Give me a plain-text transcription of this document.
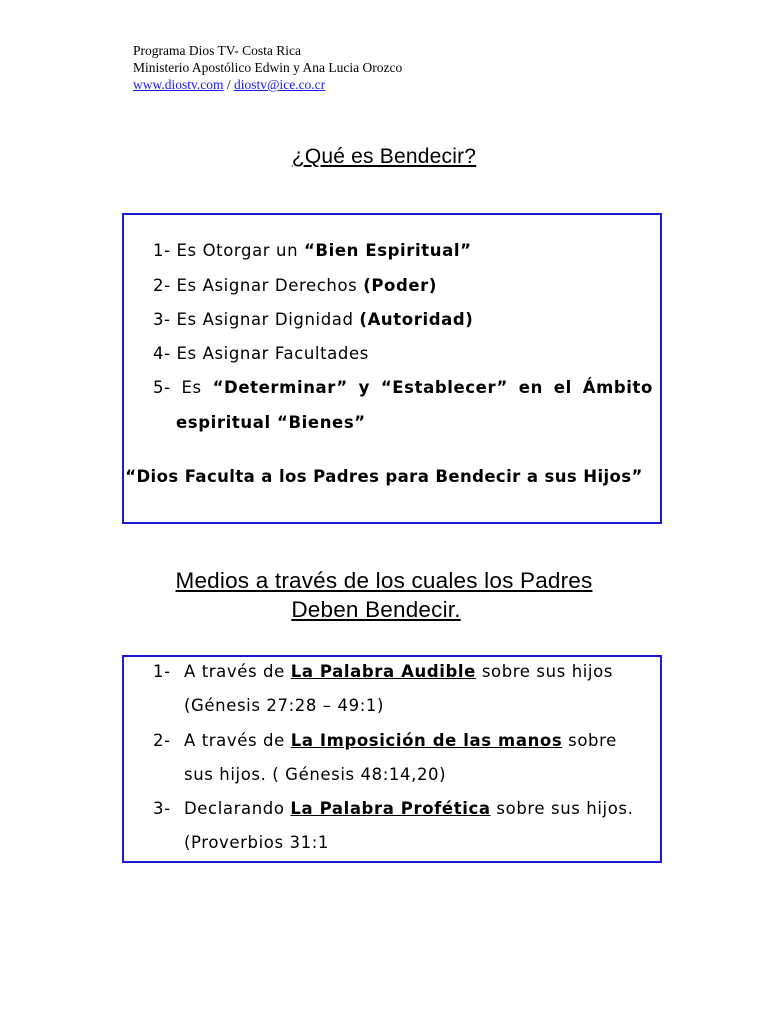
Programa Dios TV- Costa Rica
Ministerio Apostólico Edwin y Ana Lucia Orozco
www.diostv.com / diostv@ice.co.cr
¿Qué es Bendecir?
1- Es Otorgar un “Bien Espiritual”
2- Es Asignar Derechos (Poder)
3- Es Asignar Dignidad (Autoridad)
4- Es Asignar Facultades
5- Es “Determinar” y “Establecer” en el Ámbito
espiritual “Bienes”
“Dios Faculta a los Padres para Bendecir a sus Hijos”
Medios a través de los cuales los Padres
Deben Bendecir.
1- A través de La Palabra Audible sobre sus hijos
(Génesis 27:28 – 49:1)
2- A través de La Imposición de las manos sobre
sus hijos. ( Génesis 48:14,20)
3- Declarando La Palabra Profética sobre sus hijos.
(Proverbios 31:1
